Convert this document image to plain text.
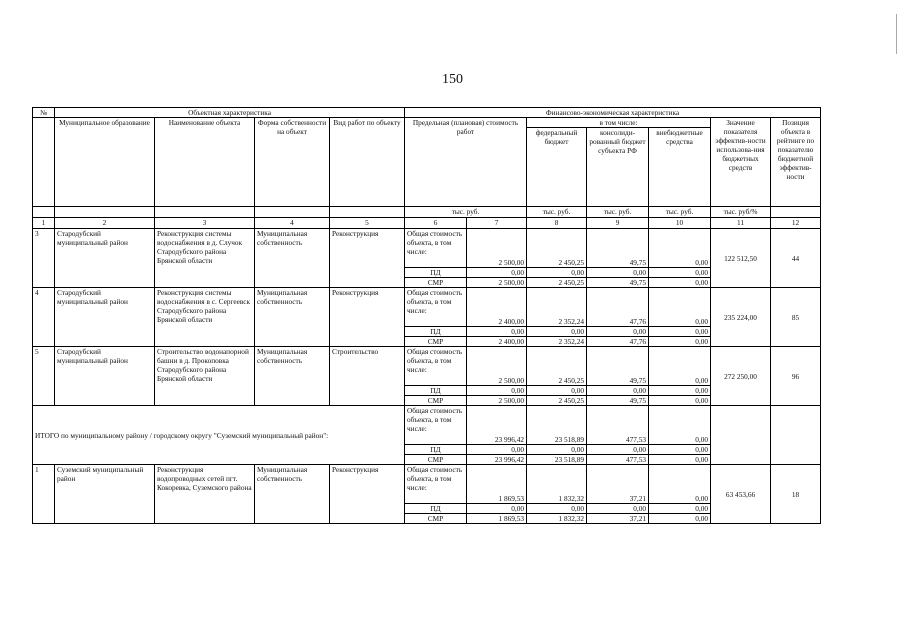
150
№	Объектная характеристика				Финансово-экономическая характеристика						
	Муниципальное образование	Наименование объекта	Форма собственности на объект	Вид работ по объекту	Предельная (плановая) стоимость работ		в том числе:			Значение показателя эффектив-ности использова-ния бюджетных средств	Позиция объекта в рейтинге по показателю бюджетной эффектив-ности
							федеральный бюджет	консолиди-рованный бюджет субъекта РФ	внебюджетные средства		
					тыс. руб.		тыс. руб.	тыс. руб.	тыс. руб.	тыс. руб/%	
1	2	3	4	5	6	7	8	9	10	11	12
3	Стародубский муниципальный район	Реконструкция системы водоснабжения в д. Случок Стародубского района Брянской области	Муниципальная собственность	Реконструкция	Общая стоимость объекта, в том числе:	2 500,00	2 450,25	49,75	0,00	122 512,50	44
					ПД	0,00	0,00	0,00	0,00		
					СМР	2 500,00	2 450,25	49,75	0,00		
4	Стародубский муниципальный район	Реконструкция системы водоснабжения в с. Сергеевск Стародубского района Брянской области	Муниципальная собственность	Реконструкция	Общая стоимость объекта, в том числе:	2 400,00	2 352,24	47,76	0,00	235 224,00	85
					ПД	0,00	0,00	0,00	0,00		
					СМР	2 400,00	2 352,24	47,76	0,00		
5	Стародубский муниципальный район	Строительство водонапорной башни в д. Прокоповка Стародубского района Брянской области	Муниципальная собственность	Строительство	Общая стоимость объекта, в том числе:	2 500,00	2 450,25	49,75	0,00	272 250,00	96
					ПД	0,00	0,00	0,00	0,00		
					СМР	2 500,00	2 450,25	49,75	0,00		
ИТОГО по муниципальному району / городскому округу "Суземский муниципальный район":					Общая стоимость объекта, в том числе:	23 996,42	23 518,89	477,53	0,00		
					ПД	0,00	0,00	0,00	0,00		
					СМР	23 996,42	23 518,89	477,53	0,00		
1	Суземский муниципальный район	Реконструкция водопроводных сетей пгт. Кокоревка, Суземского района	Муниципальная собственность	Реконструкция	Общая стоимость объекта, в том числе:	1 869,53	1 832,32	37,21	0,00	63 453,66	18
					ПД	0,00	0,00	0,00	0,00		
					СМР	1 869,53	1 832,32	37,21	0,00		
